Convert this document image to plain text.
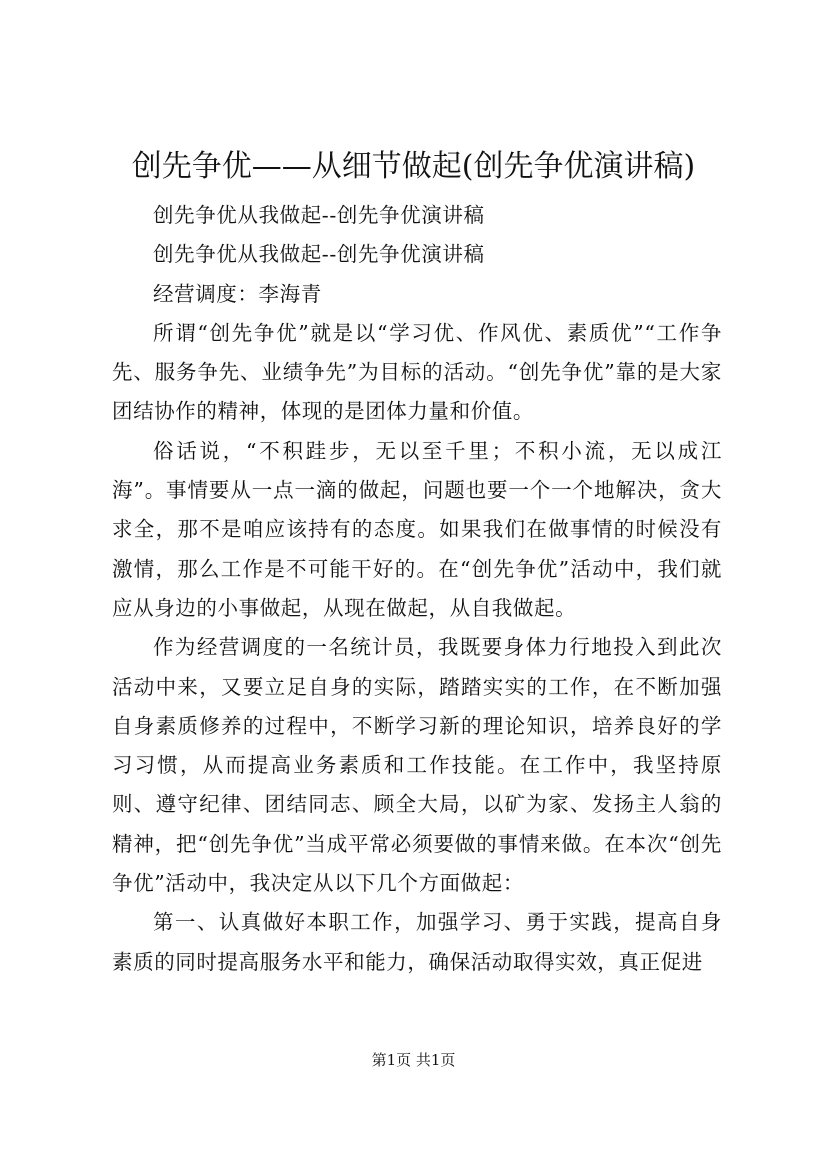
创先争优——从细节做起(创先争优演讲稿)

创先争优从我做起--创先争优演讲稿

创先争优从我做起--创先争优演讲稿

经营调度：李海青

所谓“创先争优”就是以“学习优、作风优、素质优”“工作争先、服务争先、业绩争先”为目标的活动。“创先争优”靠的是大家团结协作的精神，体现的是团体力量和价值。

俗话说，“不积跬步，无以至千里；不积小流，无以成江海”。事情要从一点一滴的做起，问题也要一个一个地解决，贪大求全，那不是咱应该持有的态度。如果我们在做事情的时候没有激情，那么工作是不可能干好的。在“创先争优”活动中，我们就应从身边的小事做起，从现在做起，从自我做起。

作为经营调度的一名统计员，我既要身体力行地投入到此次活动中来，又要立足自身的实际，踏踏实实的工作，在不断加强自身素质修养的过程中，不断学习新的理论知识，培养良好的学习习惯，从而提高业务素质和工作技能。在工作中，我坚持原则、遵守纪律、团结同志、顾全大局，以矿为家、发扬主人翁的精神，把“创先争优”当成平常必须要做的事情来做。在本次“创先争优”活动中，我决定从以下几个方面做起：

第一、认真做好本职工作，加强学习、勇于实践，提高自身素质的同时提高服务水平和能力，确保活动取得实效，真正促进

第1页 共1页
